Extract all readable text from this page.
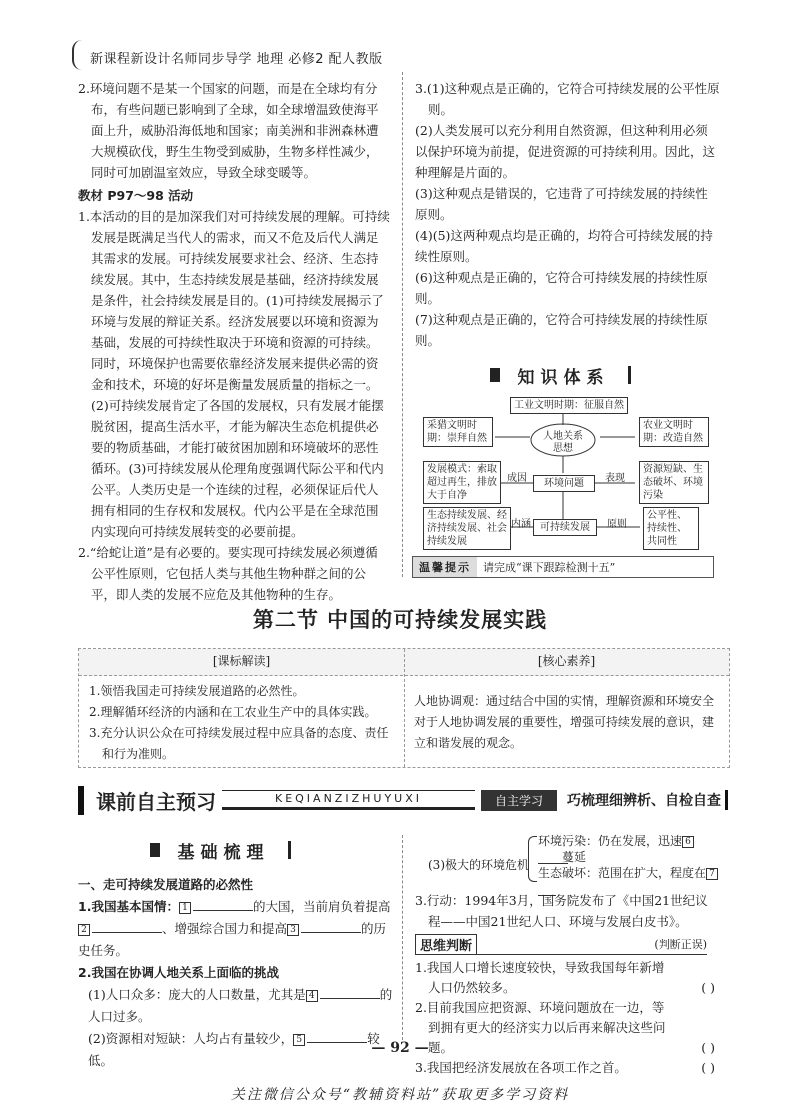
新课程新设计名师同步导学 地理 必修2 配人教版

2.环境问题不是某一个国家的问题，而是在全球均有分布，有些问题已影响到了全球，如全球增温致使海平面上升，威胁沿海低地和国家；南美洲和非洲森林遭大规模砍伐，野生生物受到威胁，生物多样性减少，同时可加剧温室效应，导致全球变暖等。

教材 P97～98 活动

1.本活动的目的是加深我们对可持续发展的理解。可持续发展是既满足当代人的需求，而又不危及后代人满足其需求的发展。可持续发展要求社会、经济、生态持续发展。其中，生态持续发展是基础，经济持续发展是条件，社会持续发展是目的。(1)可持续发展揭示了环境与发展的辩证关系。经济发展要以环境和资源为基础，发展的可持续性取决于环境和资源的可持续。同时，环境保护也需要依靠经济发展来提供必需的资金和技术，环境的好坏是衡量发展质量的指标之一。(2)可持续发展肯定了各国的发展权，只有发展才能摆脱贫困，提高生活水平，才能为解决生态危机提供必要的物质基础，才能打破贫困加剧和环境破坏的恶性循环。(3)可持续发展从伦理角度强调代际公平和代内公平。人类历史是一个连续的过程，必须保证后代人拥有相同的生存权和发展权。代内公平是在全球范围内实现向可持续发展转变的必要前提。

2.“给蛇让道”是有必要的。要实现可持续发展必须遵循公平性原则，它包括人类与其他生物种群之间的公平，即人类的发展不应危及其他物种的生存。

3.(1)这种观点是正确的，它符合可持续发展的公平性原则。

(2)人类发展可以充分利用自然资源，但这种利用必须以保护环境为前提，促进资源的可持续利用。因此，这种理解是片面的。

(3)这种观点是错误的，它违背了可持续发展的持续性原则。

(4)(5)这两种观点均是正确的，均符合可持续发展的持续性原则。

(6)这种观点是正确的，它符合可持续发展的持续性原则。

(7)这种观点是正确的，它符合可持续发展的持续性原则。

知识体系
工业文明时期：征服自然
采猎文明时期：崇拜自然	人地关系思想
农业文明时期：改造自然
发展模式：索取超过再生，排放大于自净
成因	环境问题	表现
资源短缺、生态破坏、环境污染
生态持续发展、经济持续发展、社会持续发展
内涵 可持续发展	原则
公平性、持续性、共同性
温馨提示	请完成“课下跟踪检测十五”
第二节 中国的可持续发展实践
[课标解读]	[核心素养]
1.领悟我国走可持续发展道路的必然性。
2.理解循环经济的内涵和在工农业生产中的具体实践。
3.充分认识公众在可持续发展过程中应具备的态度、责任和行为准则。
人地协调观：通过结合中国的实情，理解资源和环境安全对于人地协调发展的重要性，增强可持续发展的意识，建立和谐发展的观念。
课前自主预习	KEQIANZIZHUYUXI	自主学习	巧梳理细辨析、自检自查
基础梳理

一、走可持续发展道路的必然性

1.我国基本国情： 1	的大国，当前肩负着提高2	、增强综合国力和提高 3	的历史任务。

2.我国在协调人地关系上面临的挑战

(1)人口众多：庞大的人口数量，尤其是 4	的人口过多。

(2)资源相对短缺：人均占有量较少， 5	较低。

(3)极大的环境危机
环境污染：仍在发展，迅速 6
蔓延
生态破坏：范围在扩大，程度在 7

3.行动：1994年3月，国务院发布了《中国21世纪议程——中国21世纪人口、环境与发展白皮书》。

思维判断	(判断正误)

1.我国人口增长速度较快，导致我国每年新增人口仍然较多。	( )

2.目前我国应把资源、环境问题放在一边，等到拥有更大的经济实力以后再来解决这些问题。	( )

3.我国把经济发展放在各项工作之首。	( )
— 92 —
关注微信公众号“教辅资料站”获取更多学习资料
